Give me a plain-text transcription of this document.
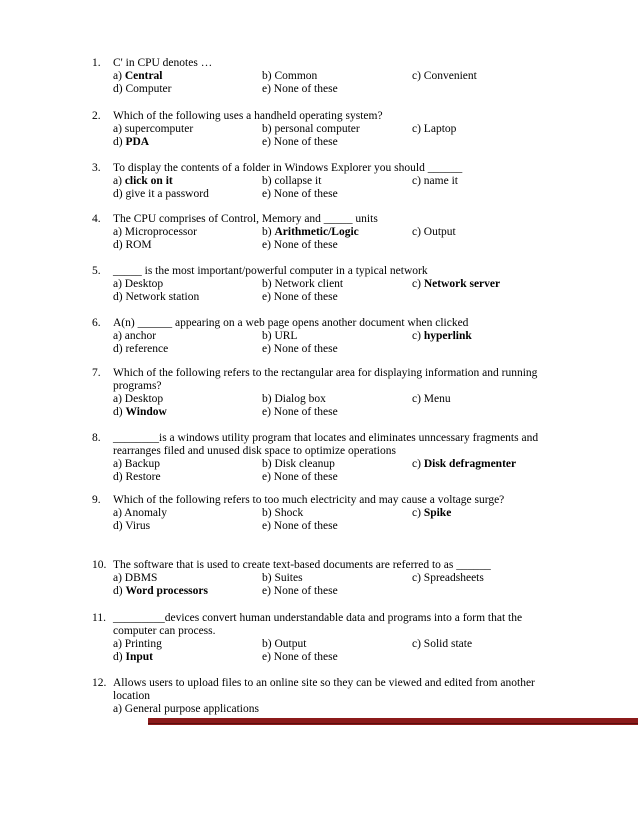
1.	C' in CPU denotes …
a) Central	b) Common	c) Convenient
d) Computer	e) None of these
2.	Which of the following uses a handheld operating system?
a) supercomputer	b) personal computer	c) Laptop
d) PDA	e) None of these
3.	To display the contents of a folder in Windows Explorer you should ______
a) click on it	b) collapse it	c) name it
d) give it a password	e) None of these
4.	The CPU comprises of Control, Memory and _____ units
a) Microprocessor	b) Arithmetic/Logic	c) Output
d) ROM	e) None of these
5.	_____ is the most important/powerful computer in a typical network
a) Desktop	b) Network client	c) Network server
d) Network station	e) None of these
6.	A(n) ______ appearing on a web page opens another document when clicked
a) anchor	b) URL	c) hyperlink
d) reference	e) None of these
7.	Which of the following refers to the rectangular area for displaying information and running programs?
a) Desktop	b) Dialog box	c) Menu
d) Window	e) None of these
8.	________is a windows utility program that locates and eliminates unncessary fragments and rearranges filed and unused disk space to optimize operations
a) Backup	b) Disk cleanup	c) Disk defragmenter
d) Restore	e) None of these
9.	Which of the following refers to too much electricity and may cause a voltage surge?
a) Anomaly	b) Shock	c) Spike
d) Virus	e) None of these
10. The software that is used to create text-based documents are referred to as ______
a) DBMS	b) Suites	c) Spreadsheets
d) Word processors	e) None of these
11. _________devices convert human understandable data and programs into a form that the computer can process.
a) Printing	b) Output	c) Solid state
d) Input	e) None of these
12. Allows users to upload files to an online site so they can be viewed and edited from another location
a) General purpose applications
